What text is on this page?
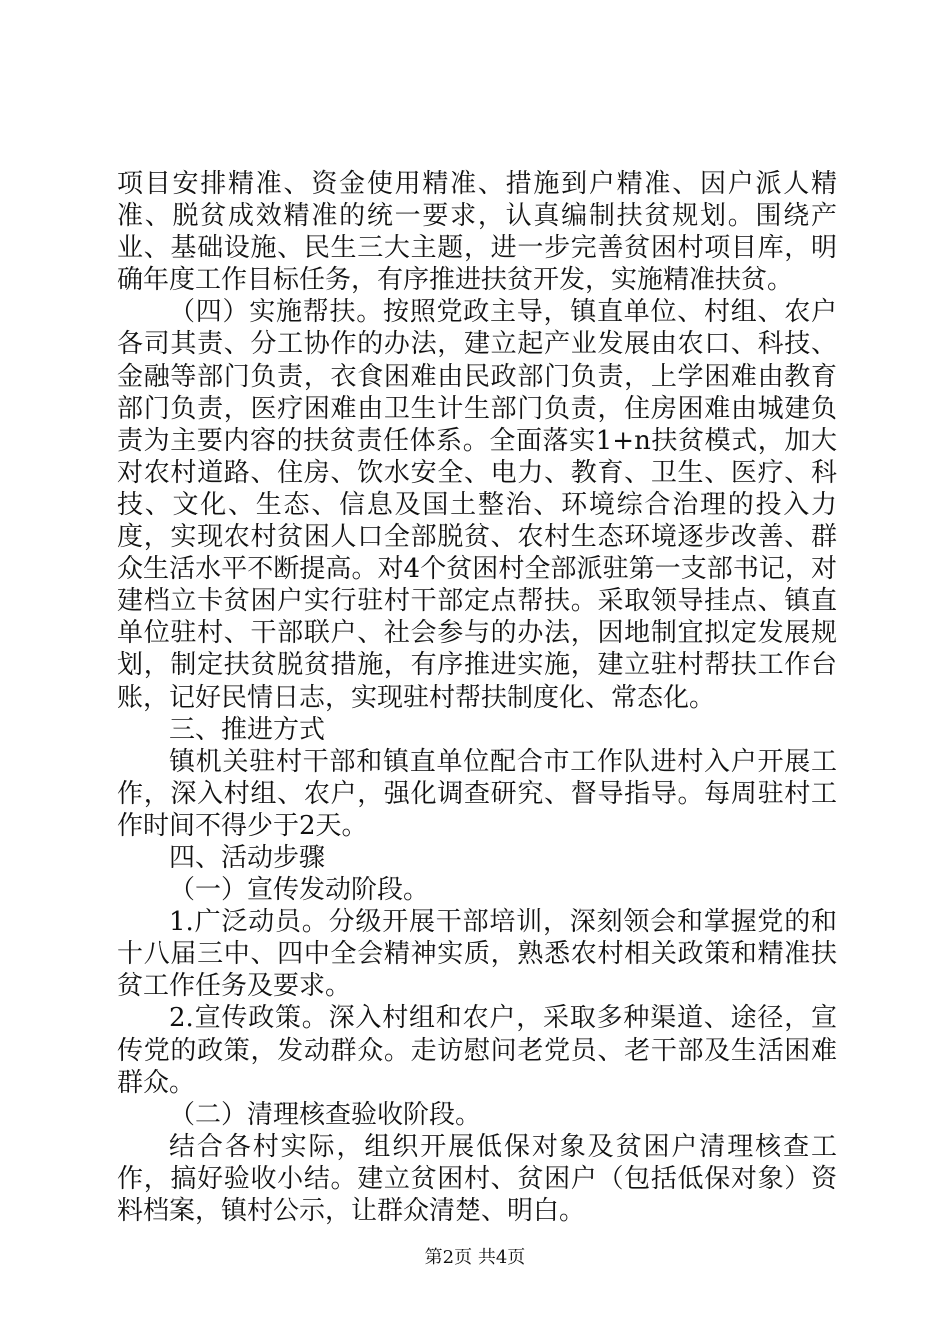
项目安排精准、资金使用精准、措施到户精准、因户派人精准、脱贫成效精准的统一要求，认真编制扶贫规划。围绕产业、基础设施、民生三大主题，进一步完善贫困村项目库，明确年度工作目标任务，有序推进扶贫开发，实施精准扶贫。

（四）实施帮扶。按照党政主导，镇直单位、村组、农户各司其责、分工协作的办法，建立起产业发展由农口、科技、金融等部门负责，衣食困难由民政部门负责，上学困难由教育部门负责，医疗困难由卫生计生部门负责，住房困难由城建负责为主要内容的扶贫责任体系。全面落实1+n扶贫模式，加大对农村道路、住房、饮水安全、电力、教育、卫生、医疗、科技、文化、生态、信息及国土整治、环境综合治理的投入力度，实现农村贫困人口全部脱贫、农村生态环境逐步改善、群众生活水平不断提高。对4个贫困村全部派驻第一支部书记，对建档立卡贫困户实行驻村干部定点帮扶。采取领导挂点、镇直单位驻村、干部联户、社会参与的办法，因地制宜拟定发展规划，制定扶贫脱贫措施，有序推进实施，建立驻村帮扶工作台账，记好民情日志，实现驻村帮扶制度化、常态化。

三、推进方式

镇机关驻村干部和镇直单位配合市工作队进村入户开展工作，深入村组、农户，强化调查研究、督导指导。每周驻村工作时间不得少于2天。

四、活动步骤

（一）宣传发动阶段。

1.广泛动员。分级开展干部培训，深刻领会和掌握党的和十八届三中、四中全会精神实质，熟悉农村相关政策和精准扶贫工作任务及要求。

2.宣传政策。深入村组和农户，采取多种渠道、途径，宣传党的政策，发动群众。走访慰问老党员、老干部及生活困难群众。

（二）清理核查验收阶段。

结合各村实际，组织开展低保对象及贫困户清理核查工作，搞好验收小结。建立贫困村、贫困户（包括低保对象）资料档案，镇村公示，让群众清楚、明白。

第2页 共4页
